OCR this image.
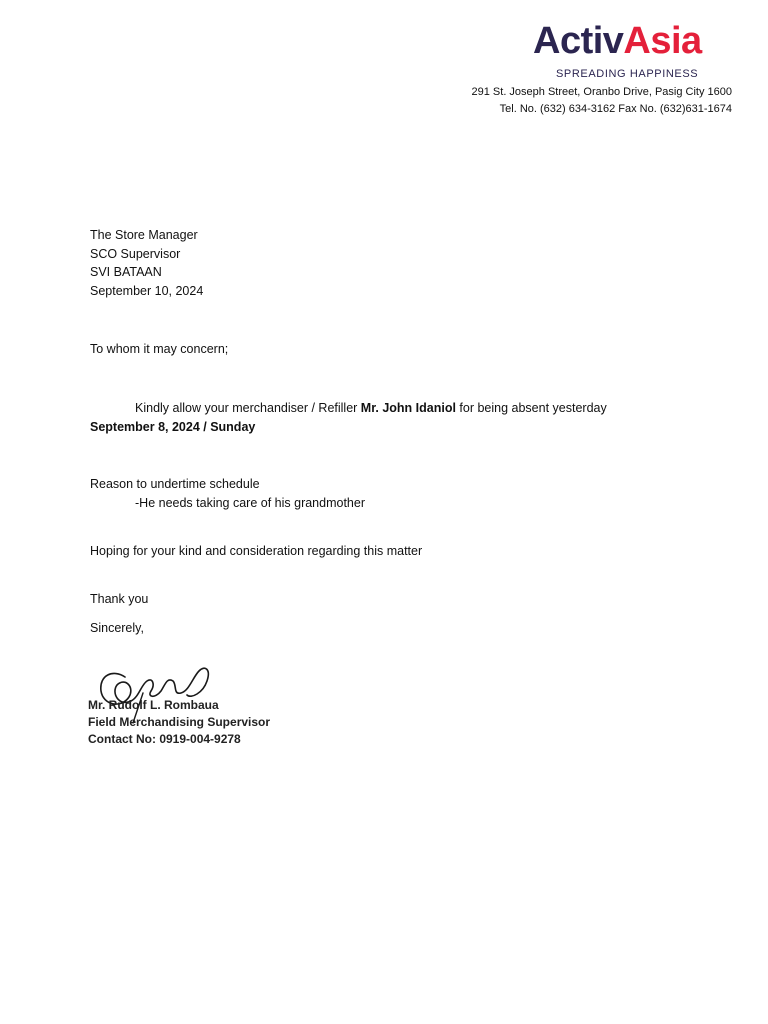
ActivAsia
SPREADING HAPPINESS
291 St. Joseph Street, Oranbo Drive, Pasig City 1600
Tel. No. (632) 634-3162 Fax No. (632)631-1674
The Store Manager
SCO Supervisor
SVI BATAAN
September 10, 2024
To whom it may concern;
Kindly allow your merchandiser / Refiller Mr. John Idaniol for being absent yesterday
September 8, 2024 / Sunday
Reason to undertime schedule
-He needs taking care of his grandmother
Hoping for your kind and consideration regarding this matter
Thank you
Sincerely,
Mr. Rudolf L. Rombaua
Field Merchandising Supervisor
Contact No: 0919-004-9278
